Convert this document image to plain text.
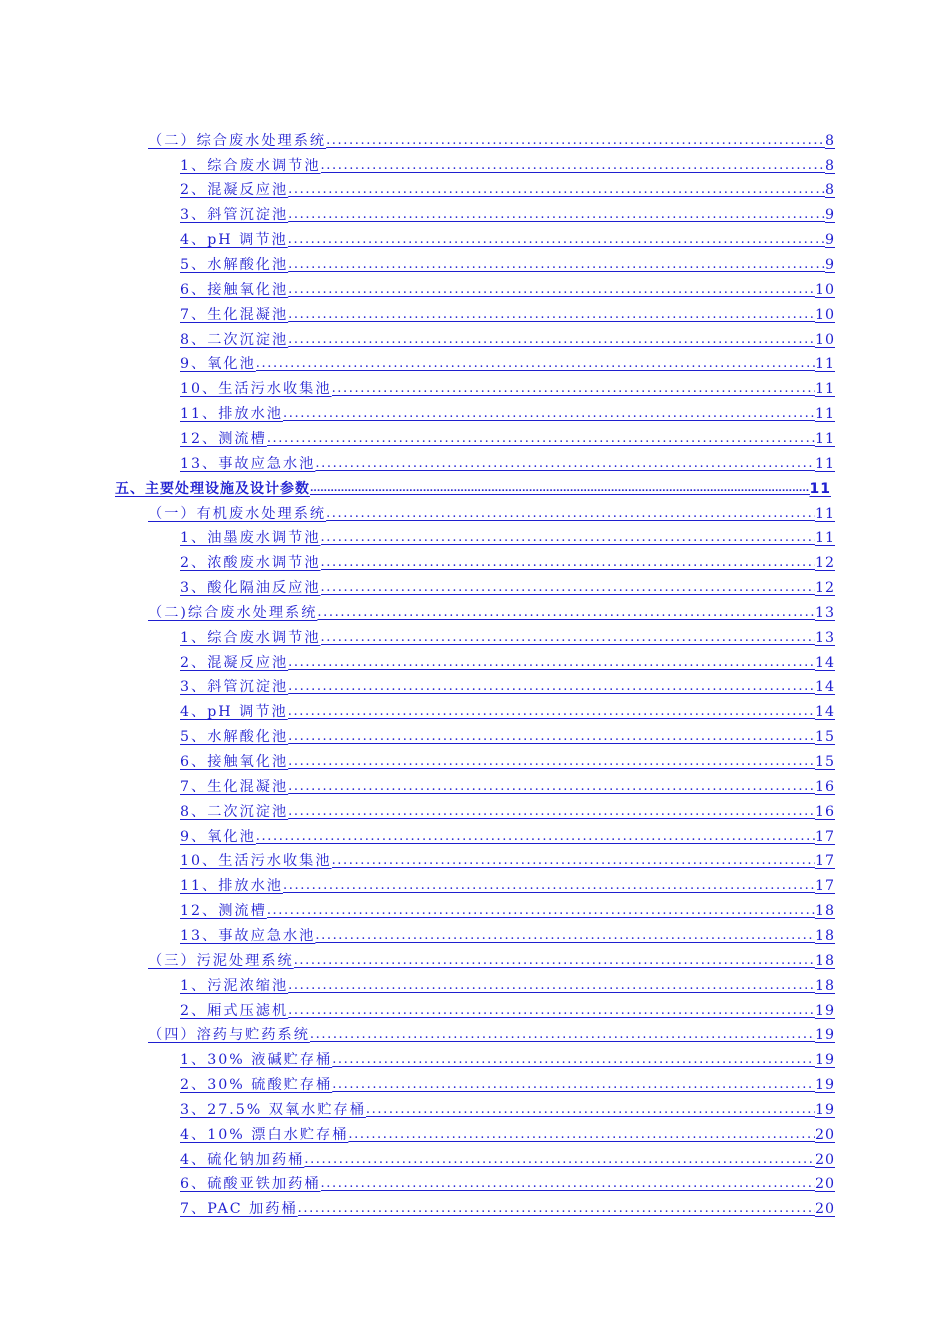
（二）综合废水处理系统 .....	8
1、综合废水调节池 .....	8
2、混凝反应池 .....	8
3、斜管沉淀池 .....	9
4、pH 调节池 .....	9
5、水解酸化池 .....	9
6、接触氧化池 .....	10
7、生化混凝池 .....	10
8、二次沉淀池 .....	10
9、氧化池 .....	11
10、生活污水收集池 .....	11
11、排放水池 .....	11
12、测流槽 .....	11
13、事故应急水池 .....	11
五、主要处理设施及设计参数 .....	11
（一）有机废水处理系统 .....	11
1、油墨废水调节池 .....	11
2、浓酸废水调节池 .....	12
3、酸化隔油反应池 .....	12
（二)综合废水处理系统 .....	13
1、综合废水调节池 .....	13
2、混凝反应池 .....	14
3、斜管沉淀池 .....	14
4、pH 调节池 .....	14
5、水解酸化池 .....	15
6、接触氧化池 .....	15
7、生化混凝池 .....	16
8、二次沉淀池 .....	16
9、氧化池 .....	17
10、生活污水收集池 .....	17
11、排放水池 .....	17
12、测流槽 .....	18
13、事故应急水池 .....	18
（三）污泥处理系统 .....	18
1、污泥浓缩池 .....	18
2、厢式压滤机 .....	19
（四）溶药与贮药系统 .....	19
1、30% 液碱贮存桶 .....	19
2、30% 硫酸贮存桶 .....	19
3、27.5% 双氧水贮存桶 .....	19
4、10% 漂白水贮存桶 .....	20
4、硫化钠加药桶 .....	20
6、硫酸亚铁加药桶 .....	20
7、PAC 加药桶 .....	20
